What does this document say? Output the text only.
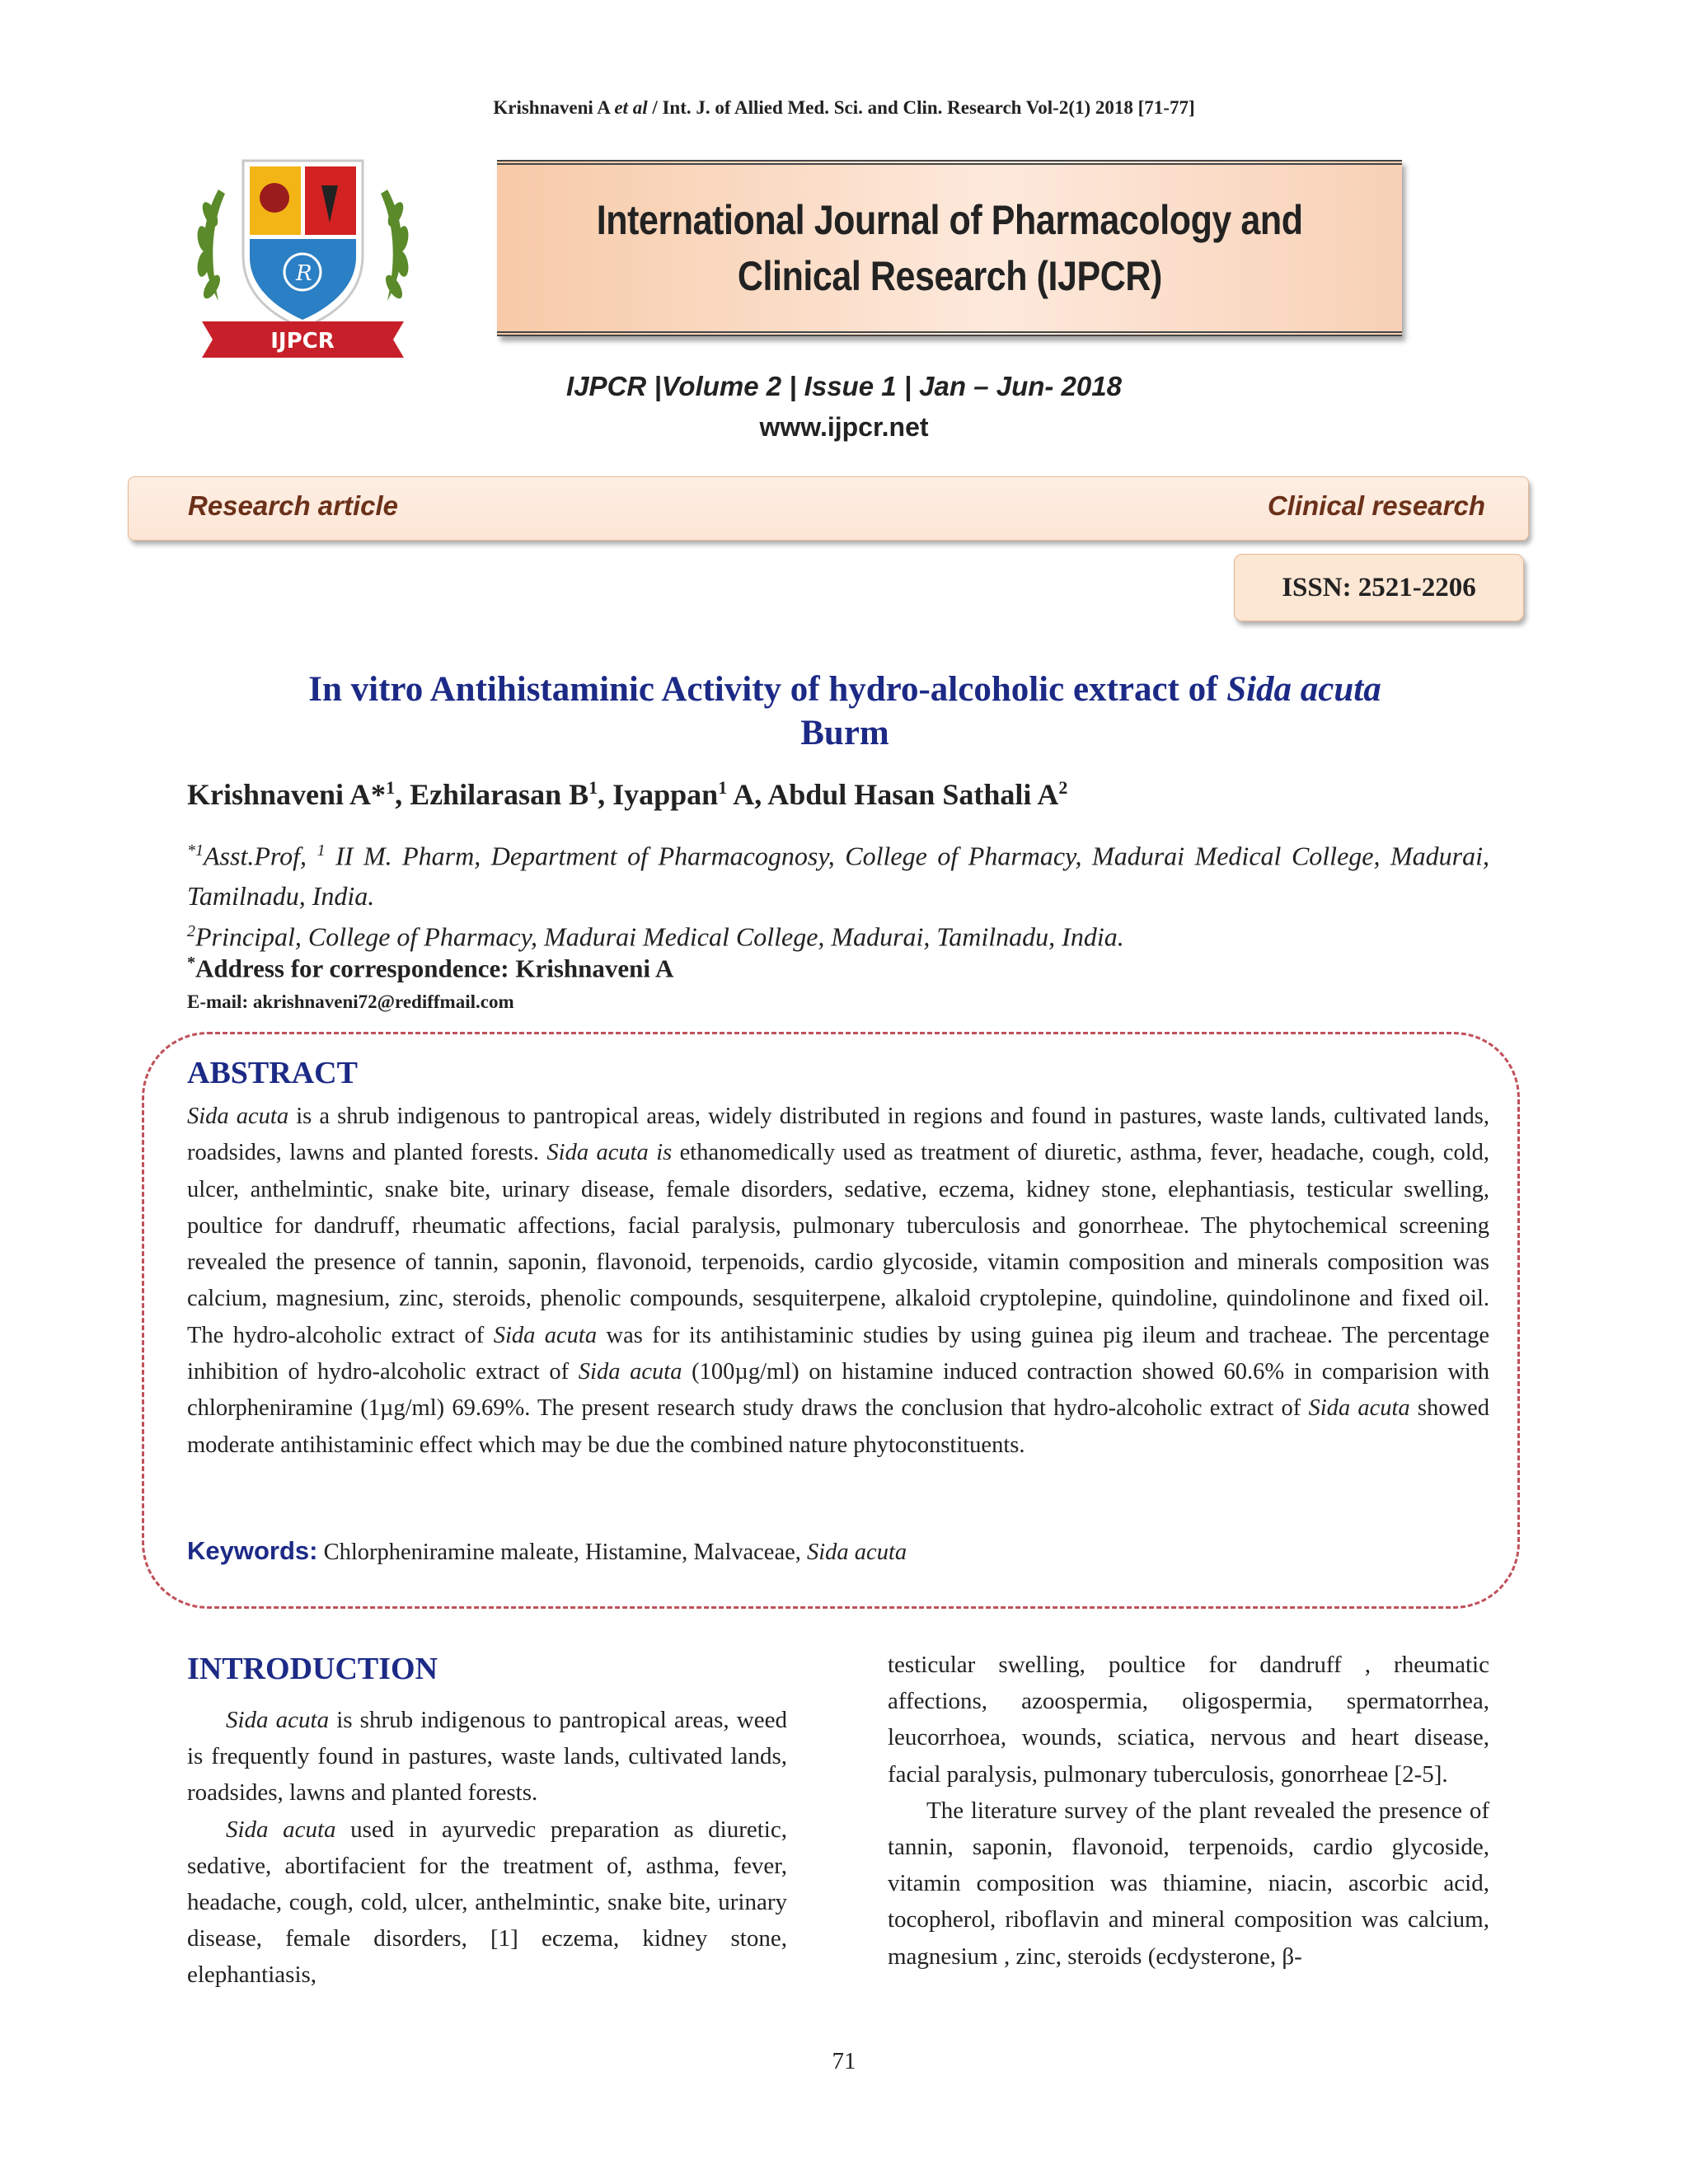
Krishnaveni A et al / Int. J. of Allied Med. Sci. and Clin. Research Vol-2(1) 2018 [71-77]
R
IJPCR
International Journal of Pharmacology and
Clinical Research (IJPCR)
IJPCR |Volume 2 | Issue 1 | Jan – Jun- 2018
www.ijpcr.net
Research article	Clinical research
ISSN: 2521-2206
In vitro Antihistaminic Activity of hydro-alcoholic extract of Sida acuta
Burm
Krishnaveni A*$^1$, Ezhilarasan $B^1$, Iyappan$^1$ A, Abdul Hasan Sathali $A^2$
$^{*1}$Asst.Prof, $^1$ II M. Pharm, Department of Pharmacognosy, College of Pharmacy, Madurai Medical College, Madurai, Tamilnadu, India.
$^2$Principal, College of Pharmacy, Madurai Medical College, Madurai, Tamilnadu, India.
*Address for correspondence: Krishnaveni A
E-mail: akrishnaveni72@rediffmail.com
ABSTRACT
Sida acuta is a shrub indigenous to pantropical areas, widely distributed in regions and found in pastures, waste lands, cultivated lands, roadsides, lawns and planted forests. Sida acuta is ethanomedically used as treatment of diuretic, asthma, fever, headache, cough, cold, ulcer, anthelmintic, snake bite, urinary disease, female disorders, sedative, eczema, kidney stone, elephantiasis, testicular swelling, poultice for dandruff, rheumatic affections, facial paralysis, pulmonary tuberculosis and gonorrheae. The phytochemical screening revealed the presence of tannin, saponin, flavonoid, terpenoids, cardio glycoside, vitamin composition and minerals composition was calcium, magnesium, zinc, steroids, phenolic compounds, sesquiterpene, alkaloid cryptolepine, quindoline, quindolinone and fixed oil. The hydro-alcoholic extract of Sida acuta was for its antihistaminic studies by using guinea pig ileum and tracheae. The percentage inhibition of hydro-alcoholic extract of Sida acuta (100µg/ml) on histamine induced contraction showed 60.6% in comparision with chlorpheniramine (1µg/ml) 69.69%. The present research study draws the conclusion that hydro-alcoholic extract of Sida acuta showed moderate antihistaminic effect which may be due the combined nature phytoconstituents.
Keywords: Chlorpheniramine maleate, Histamine, Malvaceae, Sida acuta
INTRODUCTION

Sida acuta is shrub indigenous to pantropical areas, weed is frequently found in pastures, waste lands, cultivated lands, roadsides, lawns and planted forests.

Sida acuta used in ayurvedic preparation as diuretic, sedative, abortifacient for the treatment of, asthma, fever, headache, cough, cold, ulcer, anthelmintic, snake bite, urinary disease, female disorders, [1] eczema, kidney stone, elephantiasis,

testicular swelling, poultice for dandruff , rheumatic affections, azoospermia, oligospermia, spermatorrhea, leucorrhoea, wounds, sciatica, nervous and heart disease, facial paralysis, pulmonary tuberculosis, gonorrheae [2-5].

The literature survey of the plant revealed the presence of tannin, saponin, flavonoid, terpenoids, cardio glycoside, vitamin composition was thiamine, niacin, ascorbic acid, tocopherol, riboflavin and mineral composition was calcium, magnesium , zinc, steroids (ecdysterone, β-

71
